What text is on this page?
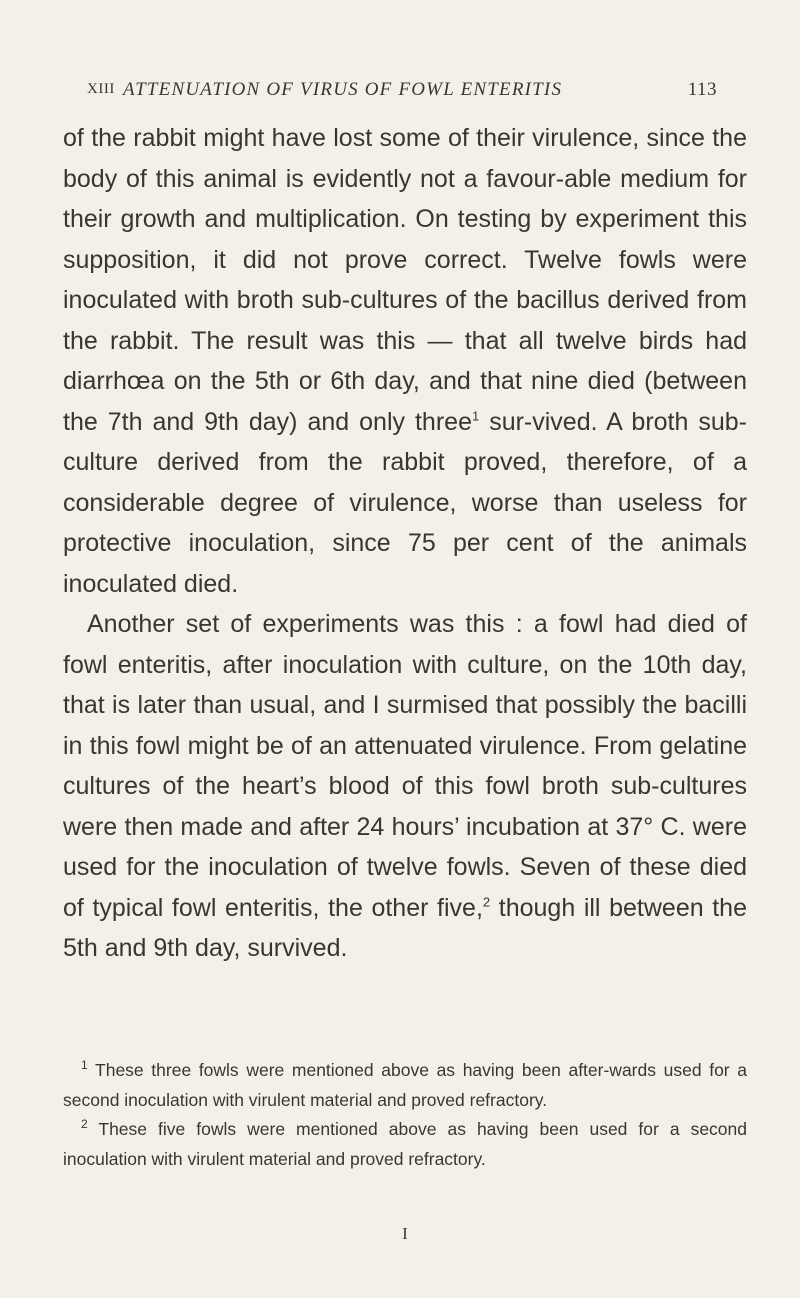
XIII ATTENUATION OF VIRUS OF FOWL ENTERITIS	113

of the rabbit might have lost some of their virulence, since the body of this animal is evidently not a favour-able medium for their growth and multiplication. On testing by experiment this supposition, it did not prove correct. Twelve fowls were inoculated with broth sub-cultures of the bacillus derived from the rabbit. The result was this — that all twelve birds had diarrhœa on the 5th or 6th day, and that nine died (between the 7th and 9th day) and only three$^1$ sur-vived. A broth sub-culture derived from the rabbit proved, therefore, of a considerable degree of virulence, worse than useless for protective inoculation, since 75 per cent of the animals inoculated died.

Another set of experiments was this : a fowl had died of fowl enteritis, after inoculation with culture, on the 10th day, that is later than usual, and I surmised that possibly the bacilli in this fowl might be of an attenuated virulence. From gelatine cultures of the heart’s blood of this fowl broth sub-cultures were then made and after 24 hours’ incubation at 37° C. were used for the inoculation of twelve fowls. Seven of these died of typical fowl enteritis, the other five,$^2$ though ill between the 5th and 9th day, survived.

$^1$ These three fowls were mentioned above as having been after-wards used for a second inoculation with virulent material and proved refractory.

$^2$ These five fowls were mentioned above as having been used for a second inoculation with virulent material and proved refractory.

I
